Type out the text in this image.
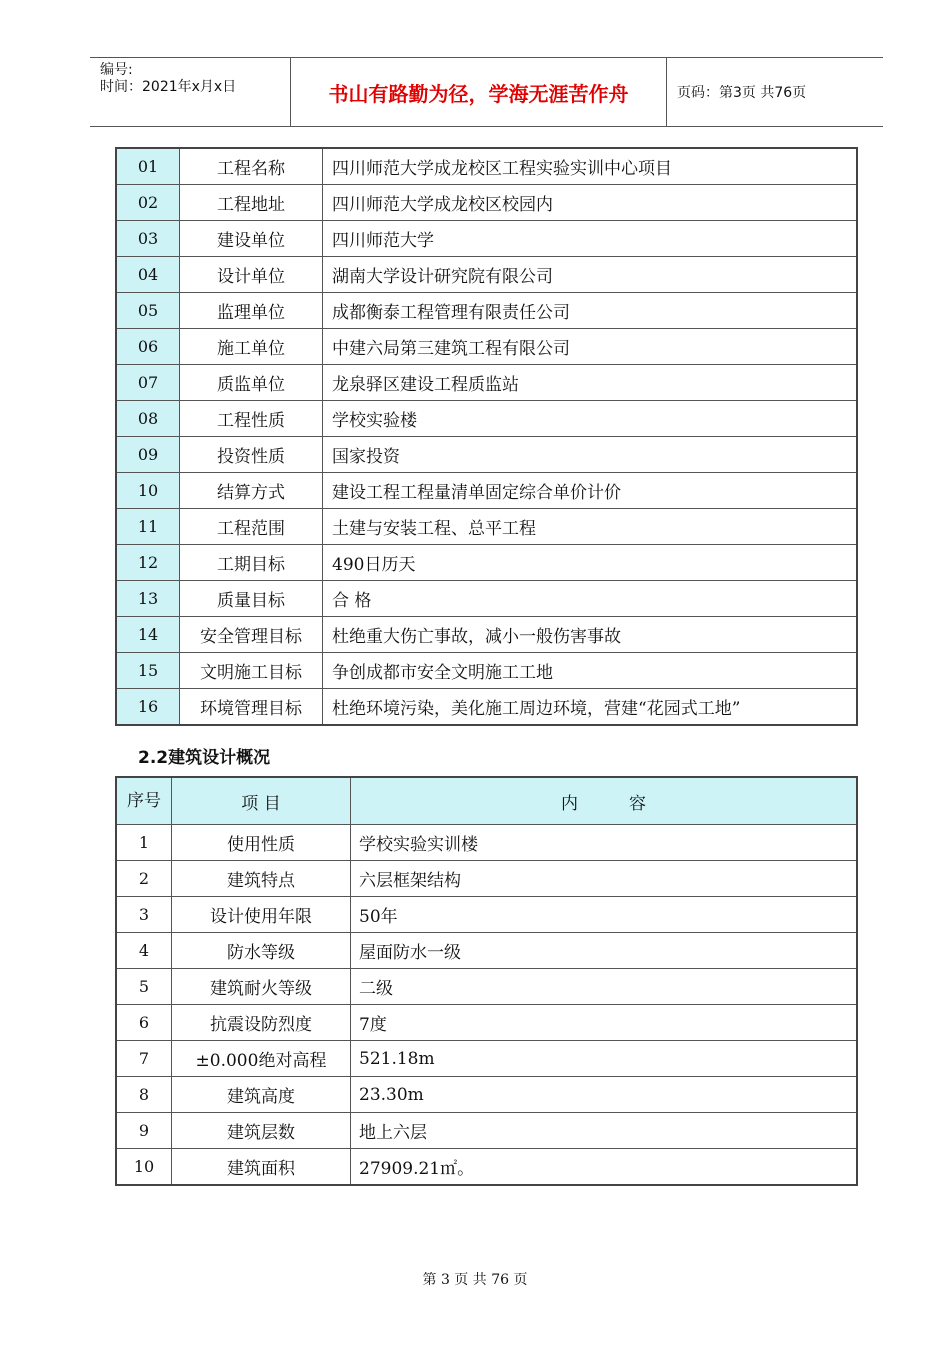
编号:
时间：2021年x月x日	书山有路勤为径，学海无涯苦作舟	页码：第3页 共76页
01	工程名称	四川师范大学成龙校区工程实验实训中心项目
02	工程地址	四川师范大学成龙校区校园内
03	建设单位	四川师范大学
04	设计单位	湖南大学设计研究院有限公司
05	监理单位	成都衡泰工程管理有限责任公司
06	施工单位	中建六局第三建筑工程有限公司
07	质监单位	龙泉驿区建设工程质监站
08	工程性质	学校实验楼
09	投资性质	国家投资
10	结算方式	建设工程工程量清单固定综合单价计价
11	工程范围	土建与安装工程、总平工程
12	工期目标	490日历天
13	质量目标	合 格
14	安全管理目标	杜绝重大伤亡事故，减小一般伤害事故
15	文明施工目标	争创成都市安全文明施工工地
16	环境管理目标	杜绝环境污染，美化施工周边环境，营建“花园式工地”
2.2建筑设计概况
序号	项 目	内　　　容
1	使用性质	学校实验实训楼
2	建筑特点	六层框架结构
3	设计使用年限	50年
4	防水等级	屋面防水一级
5	建筑耐火等级	二级
6	抗震设防烈度	7度
7	±0.000绝对高程	521.18m
8	建筑高度	23.30m
9	建筑层数	地上六层
10	建筑面积	27909.21㎡。
第 3 页 共 76 页
